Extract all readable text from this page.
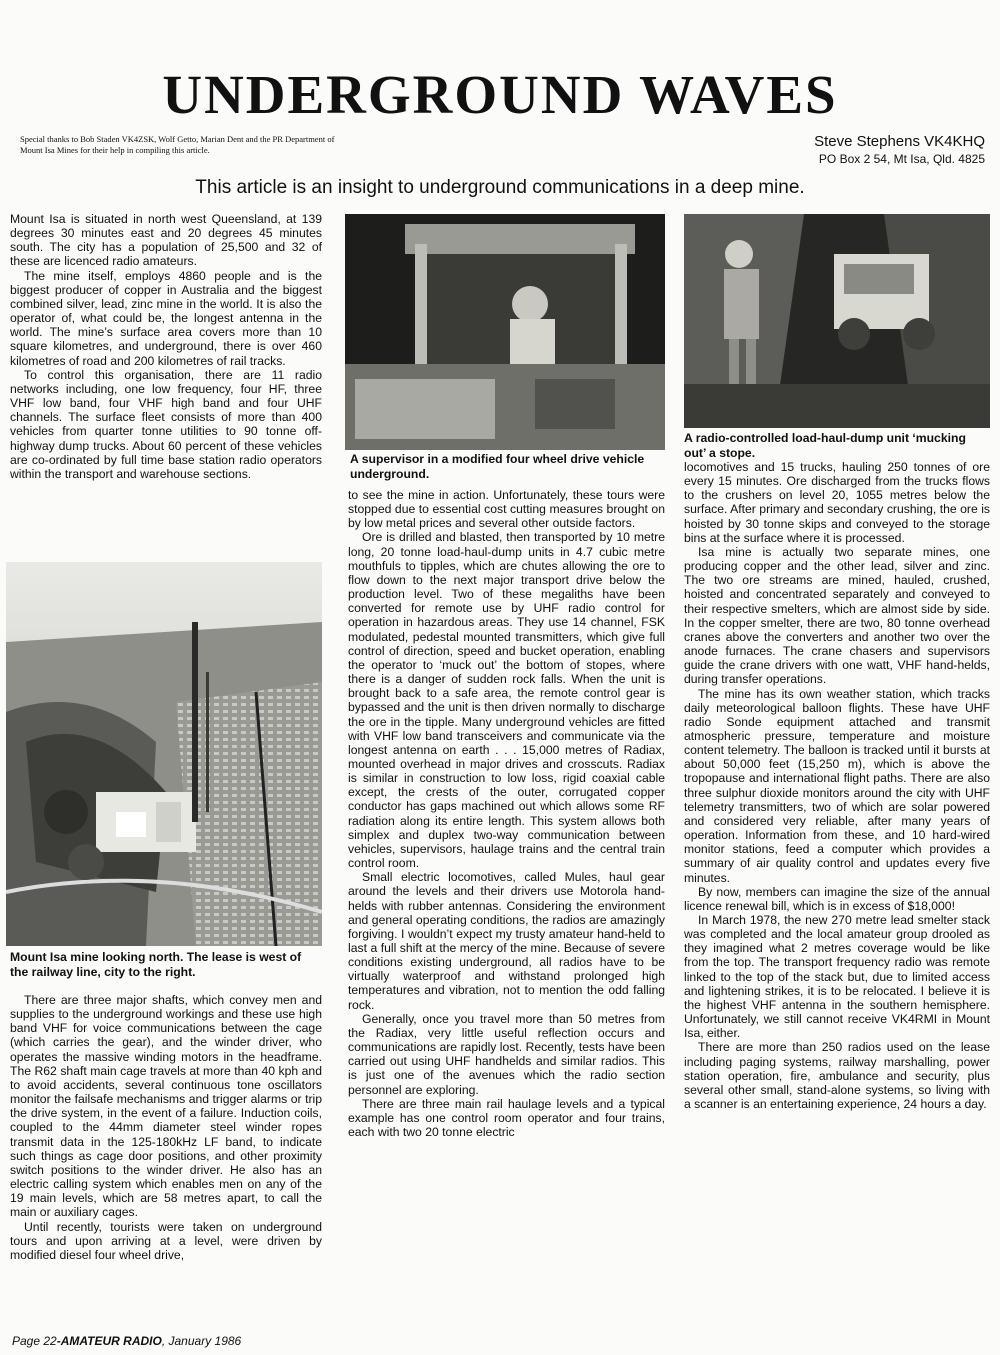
UNDERGROUND WAVES
Special thanks to Bob Staden VK4ZSK, Wolf Getto, Marian Dent and the PR Department of Mount Isa Mines for their help in compiling this article.	Steve Stephens VK4KHQ
PO Box 2 54, Mt Isa, Qld. 4825
This article is an insight to underground communications in a deep mine.

Mount Isa is situated in north west Queensland, at 139 degrees 30 minutes east and 20 degrees 45 minutes south. The city has a population of 25,500 and 32 of these are licenced radio amateurs.

The mine itself, employs 4860 people and is the biggest producer of copper in Australia and the biggest combined silver, lead, zinc mine in the world. It is also the operator of, what could be, the longest antenna in the world. The mine’s surface area covers more than 10 square kilometres, and underground, there is over 460 kilometres of road and 200 kilometres of rail tracks.

To control this organisation, there are 11 radio networks including, one low frequency, four HF, three VHF low band, four VHF high band and four UHF channels. The surface fleet consists of more than 400 vehicles from quarter tonne utilities to 90 tonne off-highway dump trucks. About 60 percent of these vehicles are co-ordinated by full time base station radio operators within the transport and warehouse sections.

Mount Isa mine looking north. The lease is west of the railway line, city to the right.

There are three major shafts, which convey men and supplies to the underground workings and these use high band VHF for voice communications between the cage (which carries the gear), and the winder driver, who operates the massive winding motors in the headframe. The R62 shaft main cage travels at more than 40 kph and to avoid accidents, several continuous tone oscillators monitor the failsafe mechanisms and trigger alarms or trip the drive system, in the event of a failure. Induction coils, coupled to the 44mm diameter steel winder ropes transmit data in the 125-180kHz LF band, to indicate such things as cage door positions, and other proximity switch positions to the winder driver. He also has an electric calling system which enables men on any of the 19 main levels, which are 58 metres apart, to call the main or auxiliary cages.

Until recently, tourists were taken on underground tours and upon arriving at a level, were driven by modified diesel four wheel drive,

A supervisor in a modified four wheel drive vehicle underground.

to see the mine in action. Unfortunately, these tours were stopped due to essential cost cutting measures brought on by low metal prices and several other outside factors.

Ore is drilled and blasted, then transported by 10 metre long, 20 tonne load-haul-dump units in 4.7 cubic metre mouthfuls to tipples, which are chutes allowing the ore to flow down to the next major transport drive below the production level. Two of these megaliths have been converted for remote use by UHF radio control for operation in hazardous areas. They use 14 channel, FSK modulated, pedestal mounted transmitters, which give full control of direction, speed and bucket operation, enabling the operator to ‘muck out’ the bottom of stopes, where there is a danger of sudden rock falls. When the unit is brought back to a safe area, the remote control gear is bypassed and the unit is then driven normally to discharge the ore in the tipple. Many underground vehicles are fitted with VHF low band transceivers and communicate via the longest antenna on earth . . . 15,000 metres of Radiax, mounted overhead in major drives and crosscuts. Radiax is similar in construction to low loss, rigid coaxial cable except, the crests of the outer, corrugated copper conductor has gaps machined out which allows some RF radiation along its entire length. This system allows both simplex and duplex two-way communication between vehicles, supervisors, haulage trains and the central train control room.

Small electric locomotives, called Mules, haul gear around the levels and their drivers use Motorola hand-helds with rubber antennas. Considering the environment and general operating conditions, the radios are amazingly forgiving. I wouldn’t expect my trusty amateur hand-held to last a full shift at the mercy of the mine. Because of severe conditions existing underground, all radios have to be virtually waterproof and withstand prolonged high temperatures and vibration, not to mention the odd falling rock.

Generally, once you travel more than 50 metres from the Radiax, very little useful reflection occurs and communications are rapidly lost. Recently, tests have been carried out using UHF handhelds and similar radios. This is just one of the avenues which the radio section personnel are exploring.

There are three main rail haulage levels and a typical example has one control room operator and four trains, each with two 20 tonne electric

A radio-controlled load-haul-dump unit ‘mucking out’ a stope.

locomotives and 15 trucks, hauling 250 tonnes of ore every 15 minutes. Ore discharged from the trucks flows to the crushers on level 20, 1055 metres below the surface. After primary and secondary crushing, the ore is hoisted by 30 tonne skips and conveyed to the storage bins at the surface where it is processed.

Isa mine is actually two separate mines, one producing copper and the other lead, silver and zinc. The two ore streams are mined, hauled, crushed, hoisted and concentrated separately and conveyed to their respective smelters, which are almost side by side. In the copper smelter, there are two, 80 tonne overhead cranes above the converters and another two over the anode furnaces. The crane chasers and supervisors guide the crane drivers with one watt, VHF hand-helds, during transfer operations.

The mine has its own weather station, which tracks daily meteorological balloon flights. These have UHF radio Sonde equipment attached and transmit atmospheric pressure, temperature and moisture content telemetry. The balloon is tracked until it bursts at about 50,000 feet (15,250 m), which is above the tropopause and international flight paths. There are also three sulphur dioxide monitors around the city with UHF telemetry transmitters, two of which are solar powered and considered very reliable, after many years of operation. Information from these, and 10 hard-wired monitor stations, feed a computer which provides a summary of air quality control and updates every five minutes.

By now, members can imagine the size of the annual licence renewal bill, which is in excess of $18,000!

In March 1978, the new 270 metre lead smelter stack was completed and the local amateur group drooled as they imagined what 2 metres coverage would be like from the top. The transport frequency radio was remote linked to the top of the stack but, due to limited access and lightening strikes, it is to be relocated. I believe it is the highest VHF antenna in the southern hemisphere. Unfortunately, we still cannot receive VK4RMI in Mount Isa, either.

There are more than 250 radios used on the lease including paging systems, railway marshalling, power station operation, fire, ambulance and security, plus several other small, stand-alone systems, so living with a scanner is an entertaining experience, 24 hours a day.

Page 22-AMATEUR RADIO, January 1986
